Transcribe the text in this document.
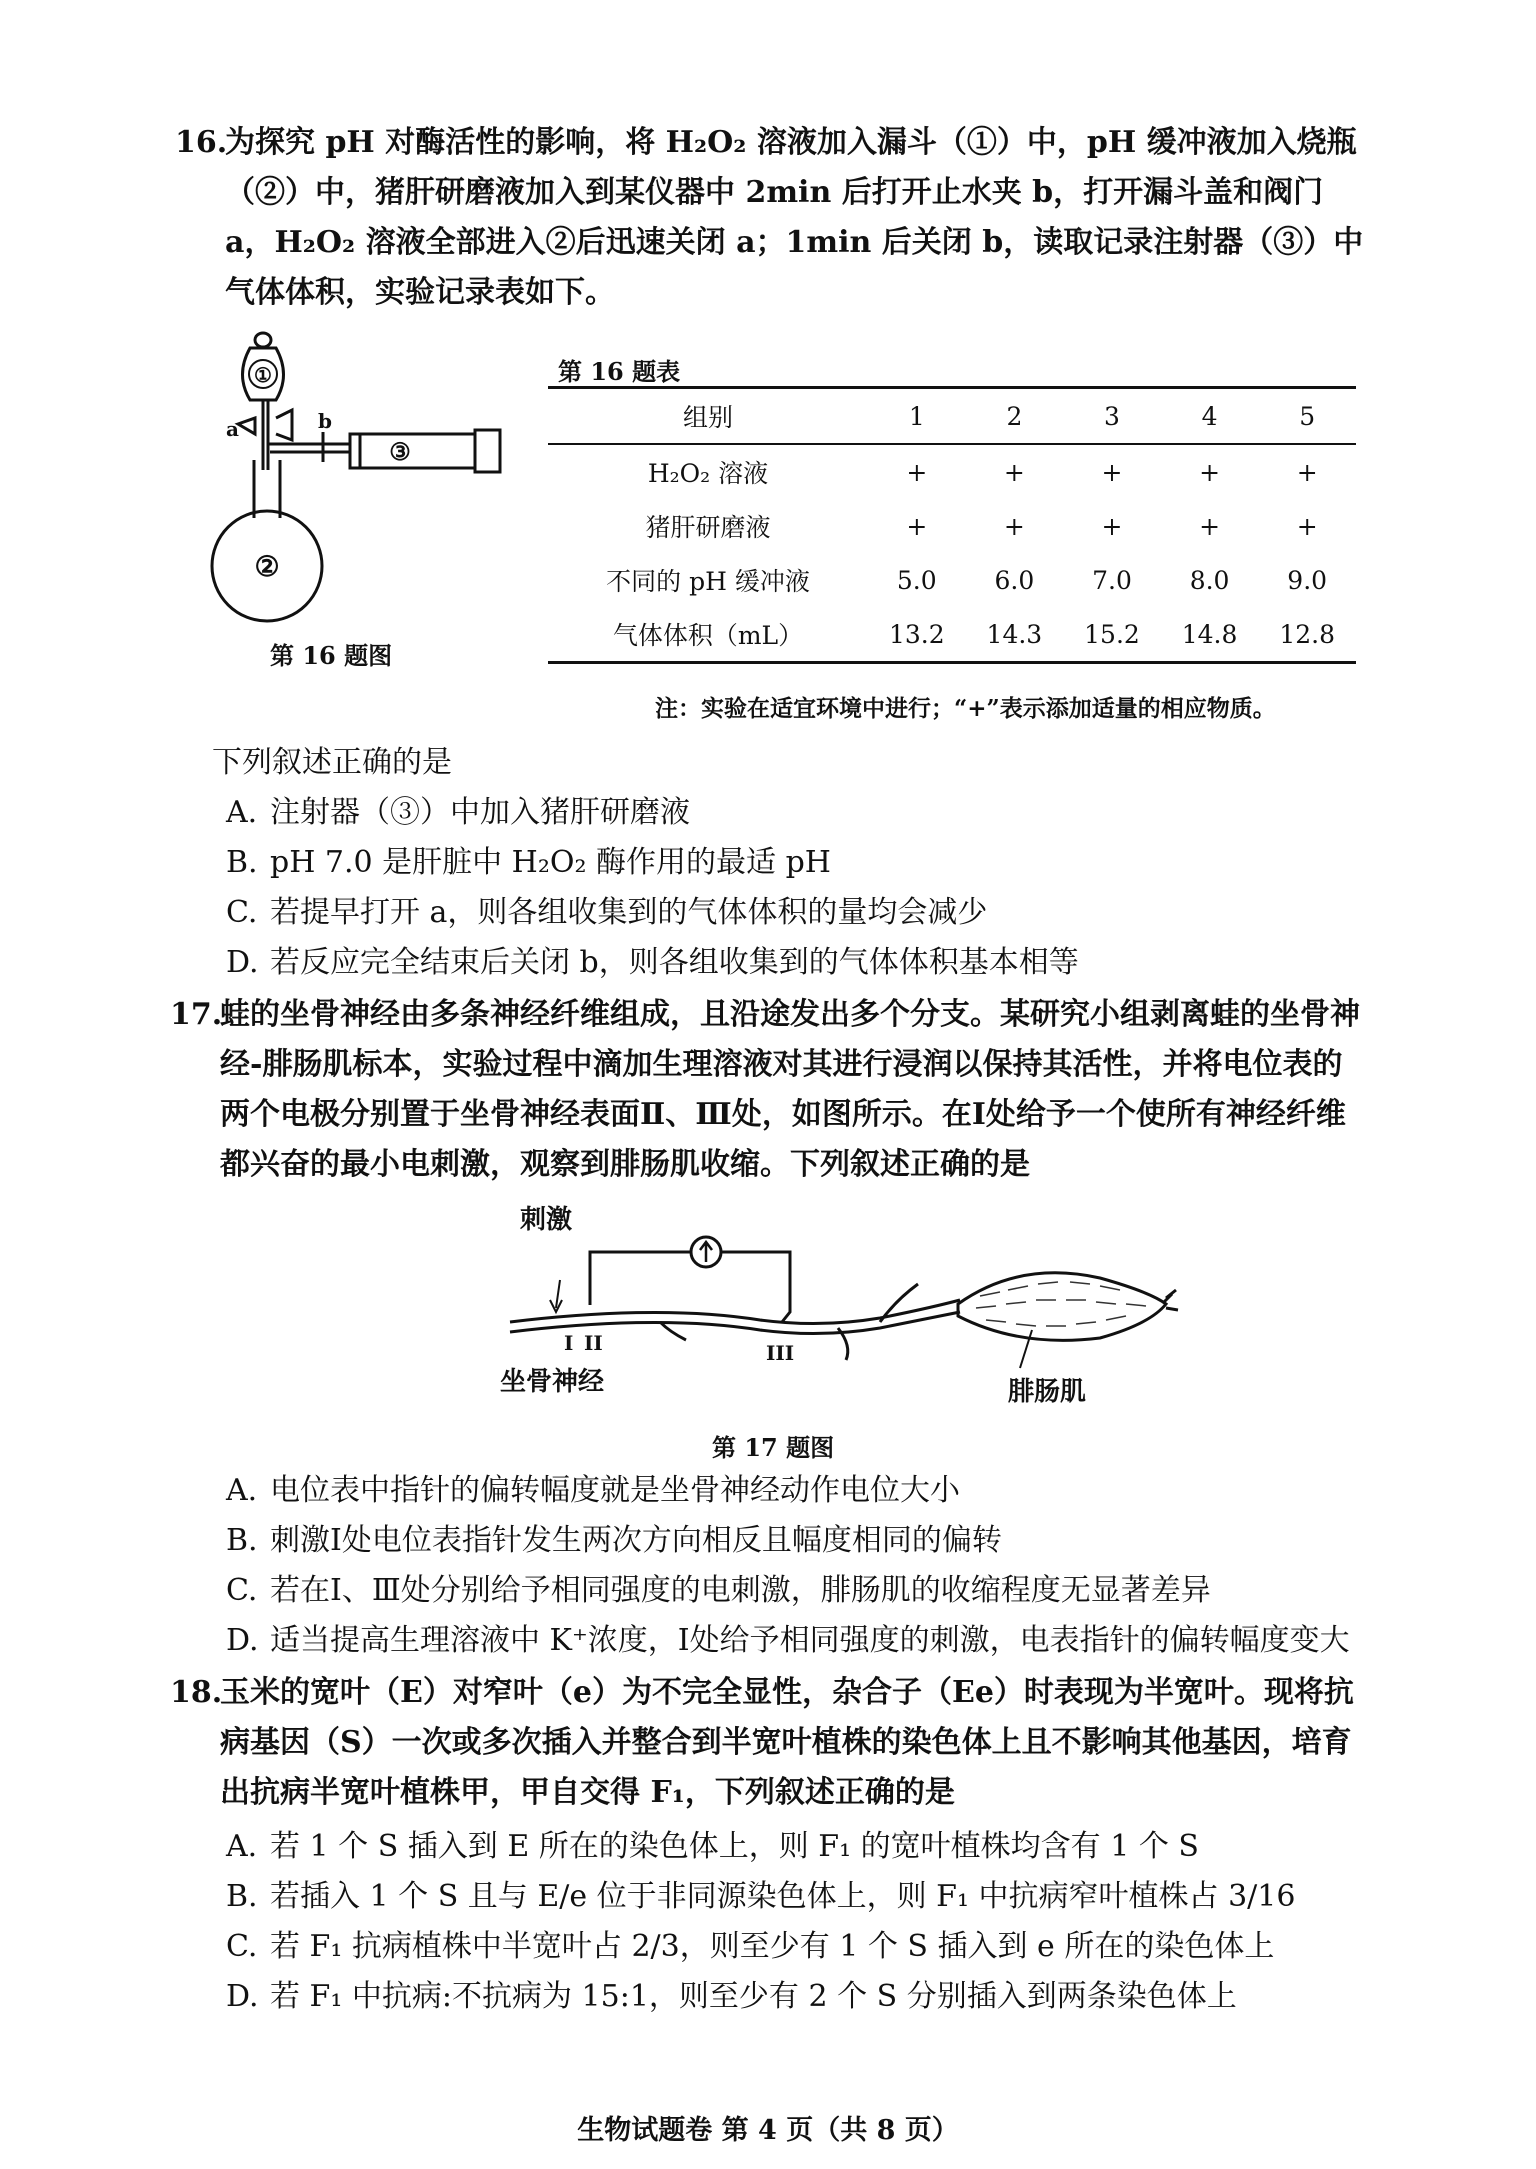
16.
为探究 pH 对酶活性的影响，将 H₂O₂ 溶液加入漏斗（①）中，pH 缓冲液加入烧瓶（②）中，猪肝研磨液加入到某仪器中 2min 后打开止水夹 b，打开漏斗盖和阀门 a，H₂O₂ 溶液全部进入②后迅速关闭 a；1min 后关闭 b，读取记录注射器（③）中气体体积，实验记录表如下。
①
a	b
②
③
第 16 题图
第 16 题表
组别	1	2	3	4	5
H₂O₂ 溶液	+	+	+	+	+
猪肝研磨液	+	+	+	+	+
不同的 pH 缓冲液	5.0	6.0	7.0	8.0	9.0
气体体积（mL）	13.2	14.3	15.2	14.8	12.8
注：实验在适宜环境中进行；“+”表示添加适量的相应物质。
下列叙述正确的是
A. 注射器（③）中加入猪肝研磨液
B. pH 7.0 是肝脏中 H₂O₂ 酶作用的最适 pH
C. 若提早打开 a，则各组收集到的气体体积的量均会减少
D. 若反应完全结束后关闭 b，则各组收集到的气体体积基本相等
17.
蛙的坐骨神经由多条神经纤维组成，且沿途发出多个分支。某研究小组剥离蛙的坐骨神经-腓肠肌标本，实验过程中滴加生理溶液对其进行浸润以保持其活性，并将电位表的两个电极分别置于坐骨神经表面Ⅱ、Ⅲ处，如图所示。在Ⅰ处给予一个使所有神经纤维都兴奋的最小电刺激，观察到腓肠肌收缩。下列叙述正确的是
刺激
I II	III
坐骨神经	腓肠肌
第 17 题图
A. 电位表中指针的偏转幅度就是坐骨神经动作电位大小
B. 刺激Ⅰ处电位表指针发生两次方向相反且幅度相同的偏转
C. 若在Ⅰ、Ⅲ处分别给予相同强度的电刺激，腓肠肌的收缩程度无显著差异
D. 适当提高生理溶液中 K⁺浓度，Ⅰ处给予相同强度的刺激，电表指针的偏转幅度变大
18.
玉米的宽叶（E）对窄叶（e）为不完全显性，杂合子（Ee）时表现为半宽叶。现将抗病基因（S）一次或多次插入并整合到半宽叶植株的染色体上且不影响其他基因，培育出抗病半宽叶植株甲，甲自交得 F₁，下列叙述正确的是
A. 若 1 个 S 插入到 E 所在的染色体上，则 F₁ 的宽叶植株均含有 1 个 S
B. 若插入 1 个 S 且与 E/e 位于非同源染色体上，则 F₁ 中抗病窄叶植株占 3/16
C. 若 F₁ 抗病植株中半宽叶占 2/3，则至少有 1 个 S 插入到 e 所在的染色体上
D. 若 F₁ 中抗病:不抗病为 15:1，则至少有 2 个 S 分别插入到两条染色体上
生物试题卷 第 4 页（共 8 页）
